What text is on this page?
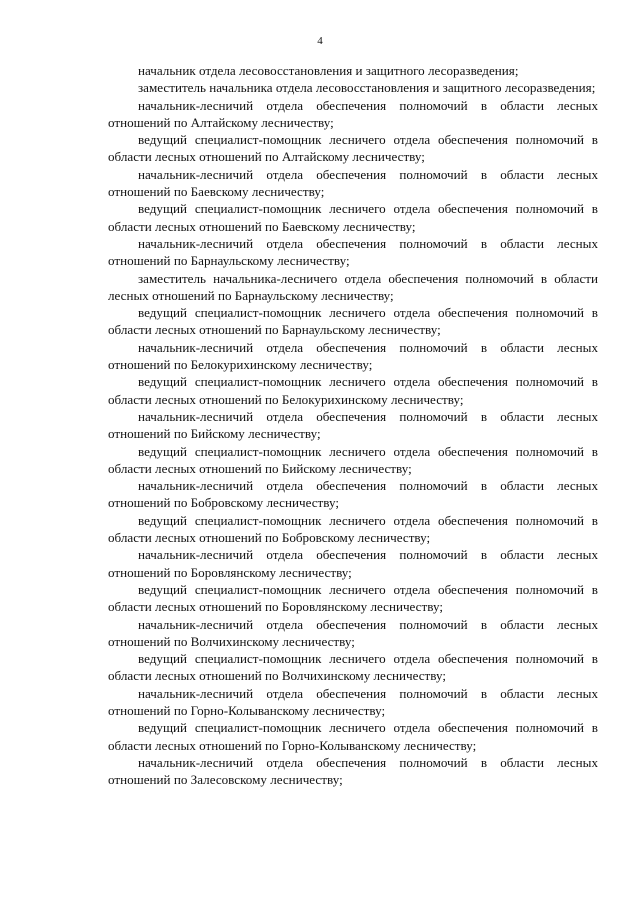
4

начальник отдела лесовосстановления и защитного лесоразведения;

заместитель начальника отдела лесовосстановления и защитного лесоразведения;

начальник-лесничий отдела обеспечения полномочий в области лесных отношений по Алтайскому лесничеству;

ведущий специалист-помощник лесничего отдела обеспечения полномочий в области лесных отношений по Алтайскому лесничеству;

начальник-лесничий отдела обеспечения полномочий в области лесных отношений по Баевскому лесничеству;

ведущий специалист-помощник лесничего отдела обеспечения полномочий в области лесных отношений по Баевскому лесничеству;

начальник-лесничий отдела обеспечения полномочий в области лесных отношений по Барнаульскому лесничеству;

заместитель начальника-лесничего отдела обеспечения полномочий в области лесных отношений по Барнаульскому лесничеству;

ведущий специалист-помощник лесничего отдела обеспечения полномочий в области лесных отношений по Барнаульскому лесничеству;

начальник-лесничий отдела обеспечения полномочий в области лесных отношений по Белокурихинскому лесничеству;

ведущий специалист-помощник лесничего отдела обеспечения полномочий в области лесных отношений по Белокурихинскому лесничеству;

начальник-лесничий отдела обеспечения полномочий в области лесных отношений по Бийскому лесничеству;

ведущий специалист-помощник лесничего отдела обеспечения полномочий в области лесных отношений по Бийскому лесничеству;

начальник-лесничий отдела обеспечения полномочий в области лесных отношений по Бобровскому лесничеству;

ведущий специалист-помощник лесничего отдела обеспечения полномочий в области лесных отношений по Бобровскому лесничеству;

начальник-лесничий отдела обеспечения полномочий в области лесных отношений по Боровлянскому лесничеству;

ведущий специалист-помощник лесничего отдела обеспечения полномочий в области лесных отношений по Боровлянскому лесничеству;

начальник-лесничий отдела обеспечения полномочий в области лесных отношений по Волчихинскому лесничеству;

ведущий специалист-помощник лесничего отдела обеспечения полномочий в области лесных отношений по Волчихинскому лесничеству;

начальник-лесничий отдела обеспечения полномочий в области лесных отношений по Горно-Колыванскому лесничеству;

ведущий специалист-помощник лесничего отдела обеспечения полномочий в области лесных отношений по Горно-Колыванскому лесничеству;

начальник-лесничий отдела обеспечения полномочий в области лесных отношений по Залесовскому лесничеству;
